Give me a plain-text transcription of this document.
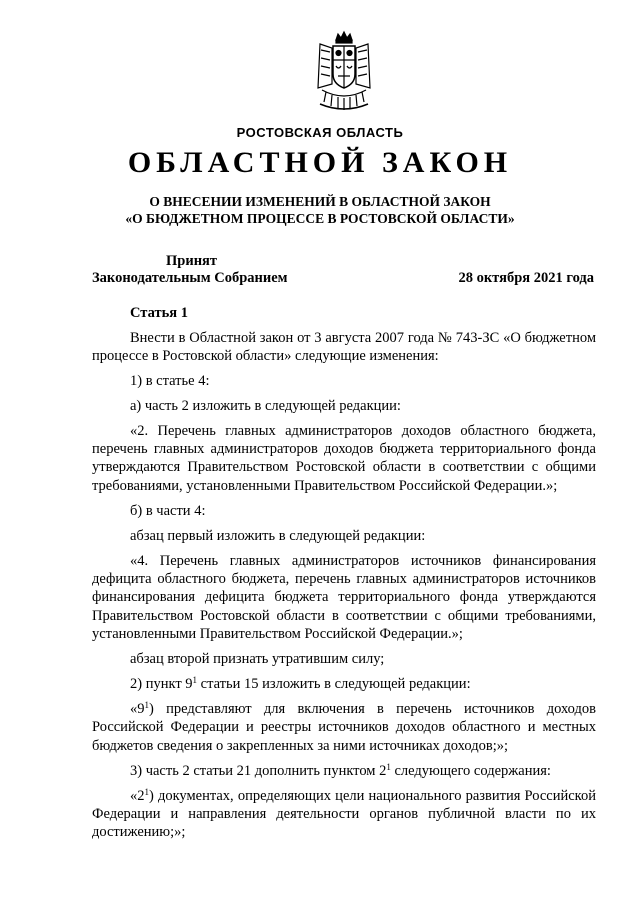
РОСТОВСКАЯ ОБЛАСТЬ
ОБЛАСТНОЙ ЗАКОН
О ВНЕСЕНИИ ИЗМЕНЕНИЙ В ОБЛАСТНОЙ ЗАКОН
«О БЮДЖЕТНОМ ПРОЦЕССЕ В РОСТОВСКОЙ ОБЛАСТИ»
Принят
Законодательным Собранием	28 октября 2021 года
Статья 1

Внести в Областной закон от 3 августа 2007 года № 743-ЗС «О бюджетном процессе в Ростовской области» следующие изменения:

1) в статье 4:

а) часть 2 изложить в следующей редакции:

«2. Перечень главных администраторов доходов областного бюджета, перечень главных администраторов доходов бюджета территориального фонда утверждаются Правительством Ростовской области в соответствии с общими требованиями, установленными Правительством Российской Федерации.»;

б) в части 4:

абзац первый изложить в следующей редакции:

«4. Перечень главных администраторов источников финансирования дефицита областного бюджета, перечень главных администраторов источников финансирования дефицита бюджета территориального фонда утверждаются Правительством Ростовской области в соответствии с общими требованиями, установленными Правительством Российской Федерации.»;

абзац второй признать утратившим силу;

2) пункт $9^1$ статьи 15 изложить в следующей редакции:

«$9^1$) представляют для включения в перечень источников доходов Российской Федерации и реестры источников доходов областного и местных бюджетов сведения о закрепленных за ними источниках доходов;»;

3) часть 2 статьи 21 дополнить пунктом $2^1$ следующего содержания:

«$2^1$) документах, определяющих цели национального развития Российской Федерации и направления деятельности органов публичной власти по их достижению;»;
